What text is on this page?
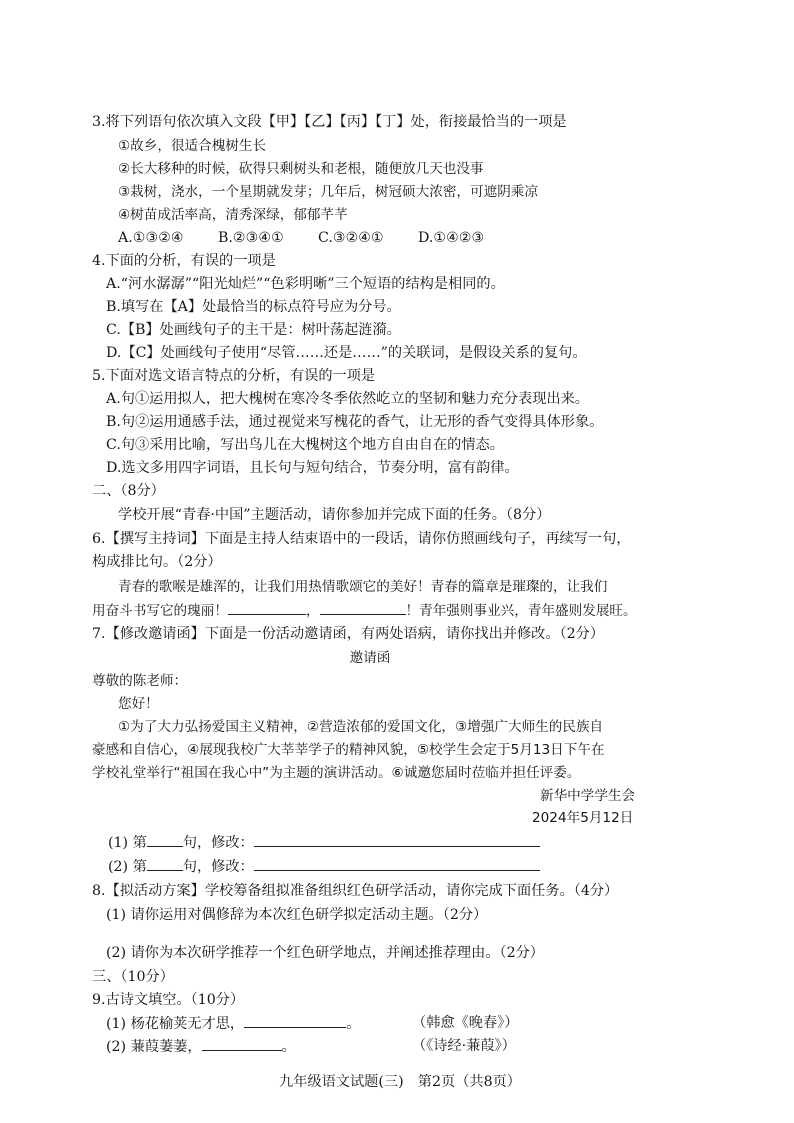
3.将下列语句依次填入文段【甲】【乙】【丙】【丁】处，衔接最恰当的一项是
①故乡，很适合槐树生长
②长大移种的时候，砍得只剩树头和老根，随便放几天也没事
③栽树，浇水，一个星期就发芽；几年后，树冠硕大浓密，可遮阴乘凉
④树苗成活率高，清秀深绿，郁郁芊芊
A.①③②④ B.②③④① C.③②④① D.①④②③
4.下面的分析，有误的一项是
A.“河水潺潺”“阳光灿烂”“色彩明晰”三个短语的结构是相同的。
B.填写在【A】处最恰当的标点符号应为分号。
C.【B】处画线句子的主干是：树叶荡起涟漪。
D.【C】处画线句子使用“尽管……还是……”的关联词，是假设关系的复句。
5.下面对选文语言特点的分析，有误的一项是
A.句①运用拟人，把大槐树在寒冷冬季依然屹立的坚韧和魅力充分表现出来。
B.句②运用通感手法，通过视觉来写槐花的香气，让无形的香气变得具体形象。
C.句③采用比喻，写出鸟儿在大槐树这个地方自由自在的情态。
D.选文多用四字词语，且长句与短句结合，节奏分明，富有韵律。
二、（8分）
学校开展“青春·中国”主题活动，请你参加并完成下面的任务。（8分）
6.【撰写主持词】下面是主持人结束语中的一段话，请你仿照画线句子，再续写一句，
构成排比句。（2分）
青春的歌喉是雄浑的，让我们用热情歌颂它的美好！青春的篇章是璀璨的，让我们
用奋斗书写它的瑰丽！	，	！青年强则事业兴，青年盛则发展旺。
7.【修改邀请函】下面是一份活动邀请函，有两处语病，请你找出并修改。（2分）
邀请函
尊敬的陈老师：
您好！
①为了大力弘扬爱国主义精神，②营造浓郁的爱国文化，③增强广大师生的民族自
豪感和自信心，④展现我校广大莘莘学子的精神风貌，⑤校学生会定于5月13日下午在
学校礼堂举行“祖国在我心中”为主题的演讲活动。⑥诚邀您届时莅临并担任评委。
新华中学学生会
2024年5月12日
(1) 第	句，修改：
(2) 第	句，修改：
8.【拟活动方案】学校筹备组拟准备组织红色研学活动，请你完成下面任务。（4分）
(1) 请你运用对偶修辞为本次红色研学拟定活动主题。（2分）
(2) 请你为本次研学推荐一个红色研学地点，并阐述推荐理由。（2分）
三、（10分）
9.古诗文填空。（10分）
(1) 杨花榆荚无才思，	。	（韩愈《晚春》）
(2) 蒹葭萋萋，	。	（《诗经·蒹葭》）
九年级语文试题(三)　第2页（共8页）
